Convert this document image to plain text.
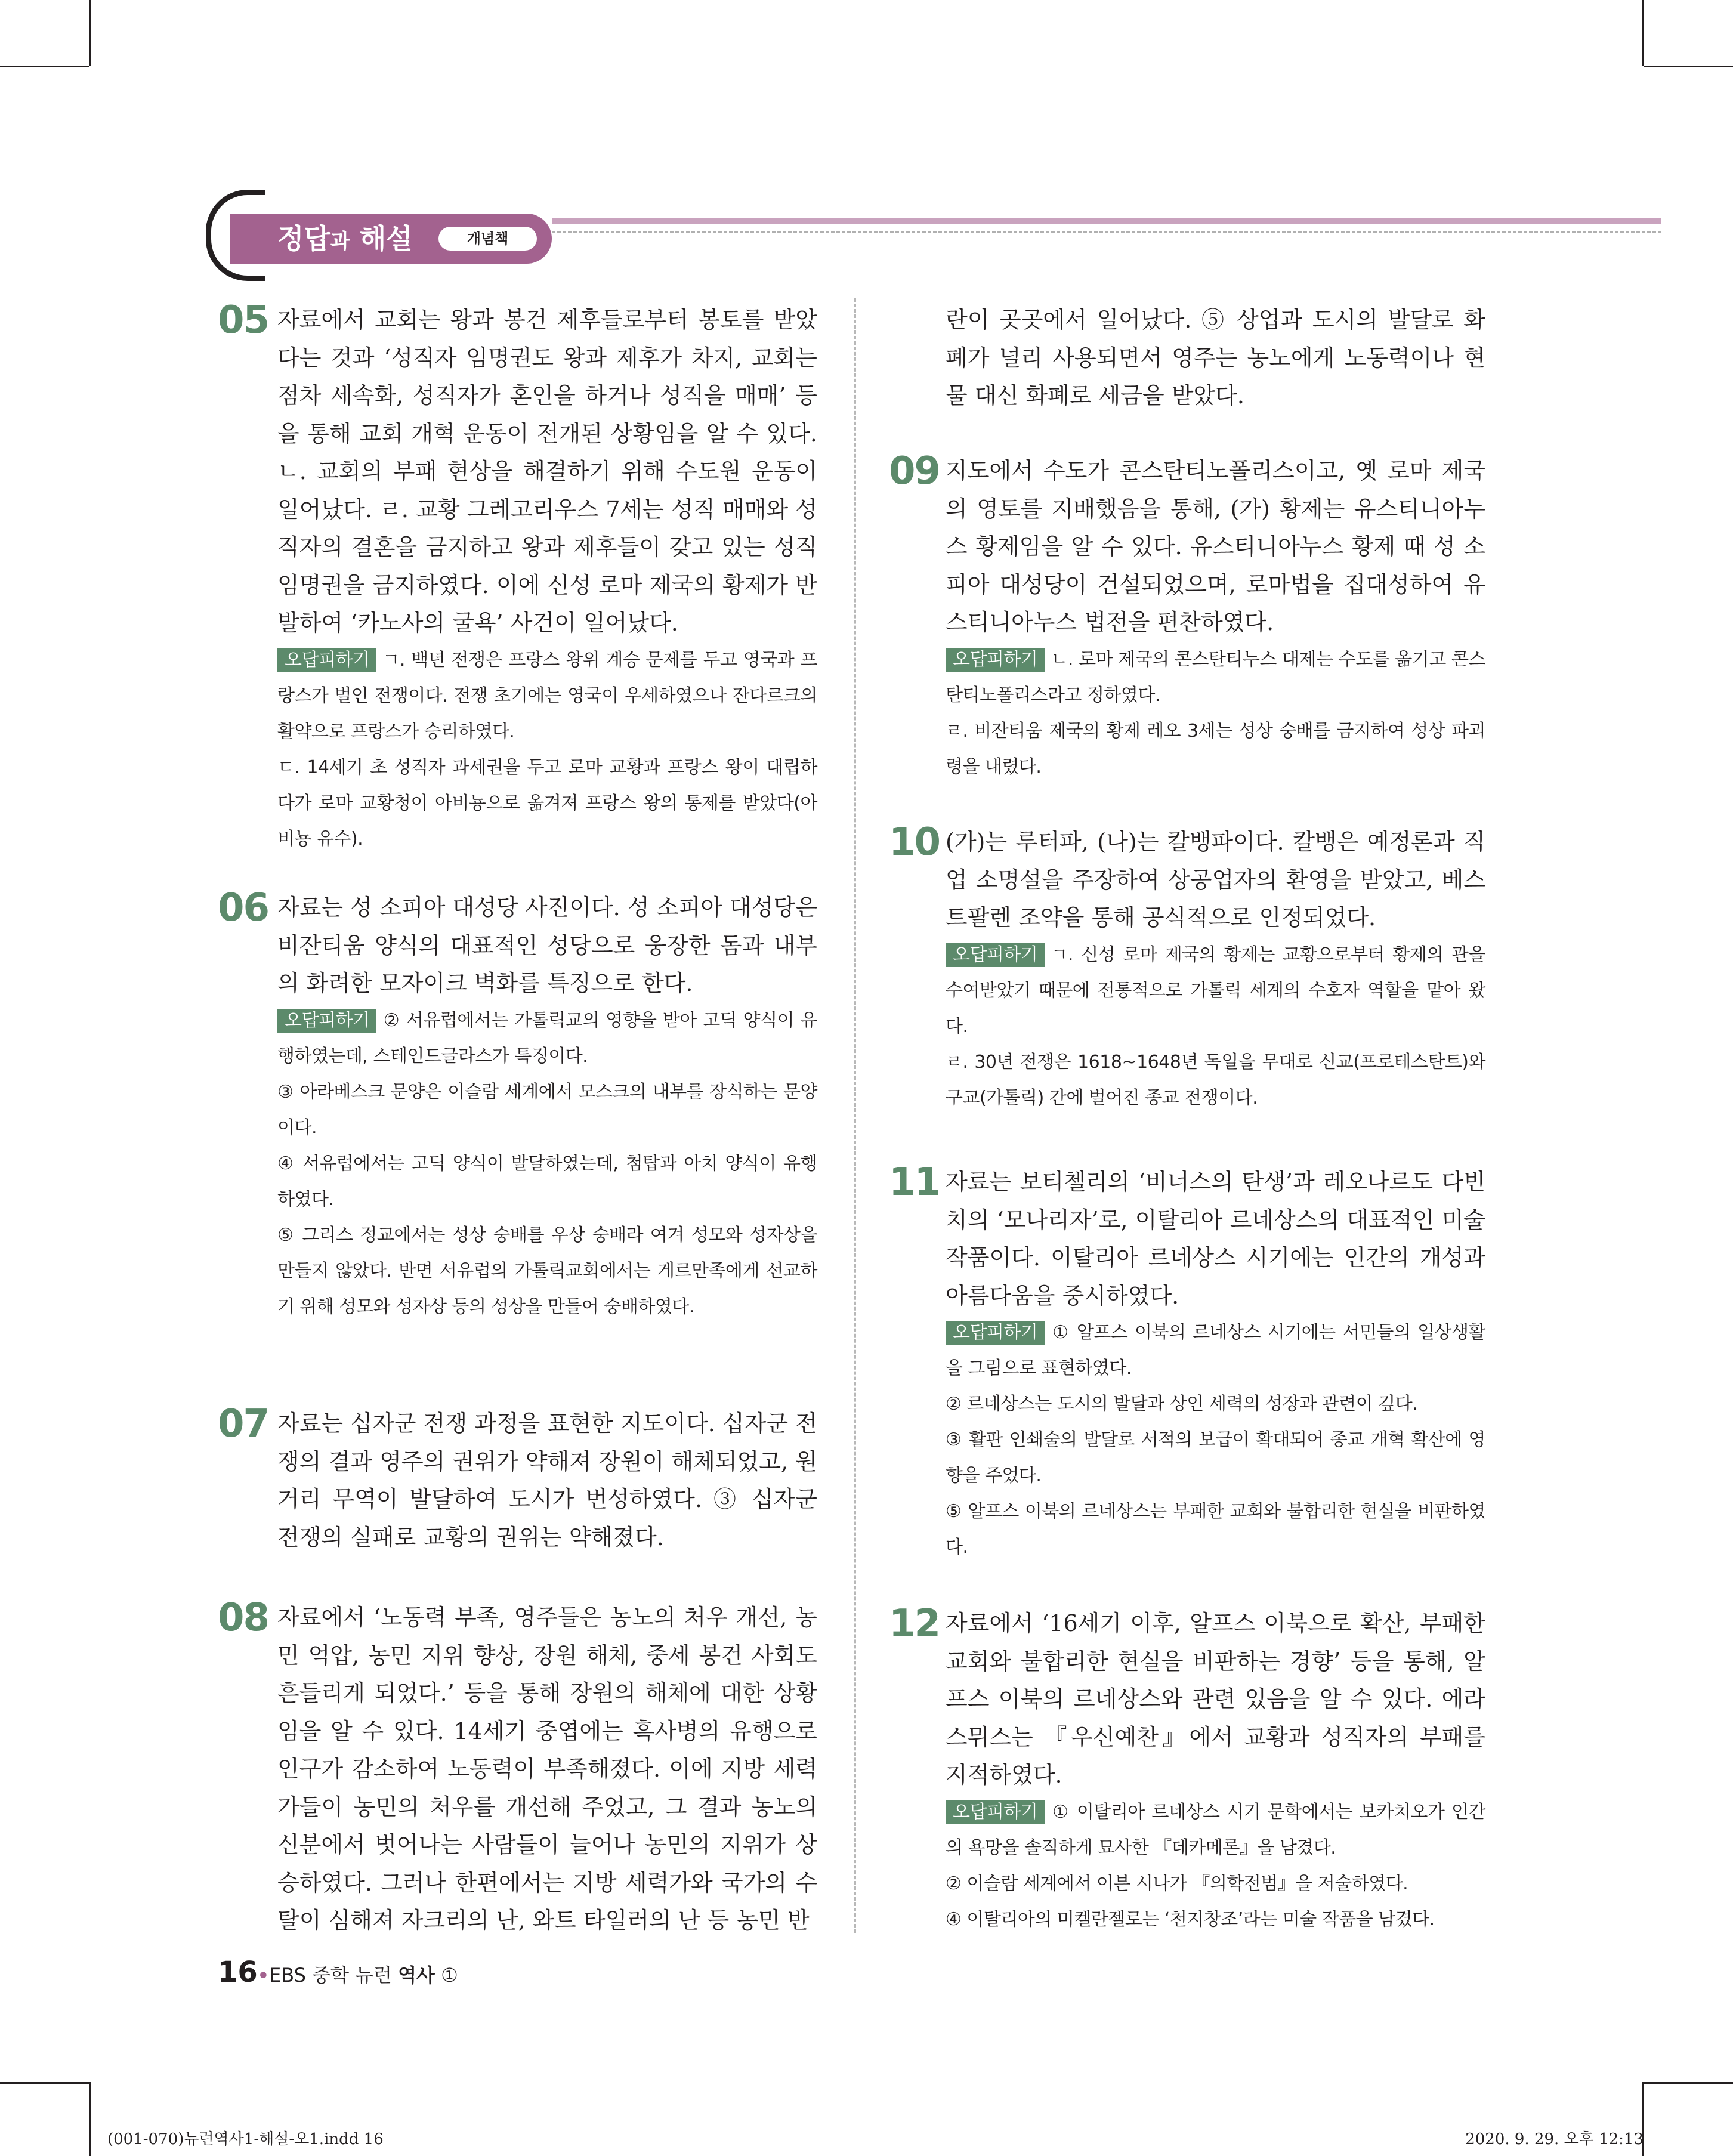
정답과 해설	개념책
05 자료에서 교회는 왕과 봉건 제후들로부터 봉토를 받았다는 것과 ‘성직자 임명권도 왕과 제후가 차지, 교회는 점차 세속화, 성직자가 혼인을 하거나 성직을 매매’ 등을 통해 교회 개혁 운동이 전개된 상황임을 알 수 있다. ㄴ. 교회의 부패 현상을 해결하기 위해 수도원 운동이 일어났다. ㄹ. 교황 그레고리우스 7세는 성직 매매와 성직자의 결혼을 금지하고 왕과 제후들이 갖고 있는 성직 임명권을 금지하였다. 이에 신성 로마 제국의 황제가 반발하여 ‘카노사의 굴욕’ 사건이 일어났다.

오답피하기 ㄱ. 백년 전쟁은 프랑스 왕위 계승 문제를 두고 영국과 프랑스가 벌인 전쟁이다. 전쟁 초기에는 영국이 우세하였으나 잔다르크의 활약으로 프랑스가 승리하였다.

ㄷ. 14세기 초 성직자 과세권을 두고 로마 교황과 프랑스 왕이 대립하다가 로마 교황청이 아비뇽으로 옮겨져 프랑스 왕의 통제를 받았다(아비뇽 유수).

06 자료는 성 소피아 대성당 사진이다. 성 소피아 대성당은 비잔티움 양식의 대표적인 성당으로 웅장한 돔과 내부의 화려한 모자이크 벽화를 특징으로 한다.

오답피하기 ② 서유럽에서는 가톨릭교의 영향을 받아 고딕 양식이 유행하였는데, 스테인드글라스가 특징이다.

③ 아라베스크 문양은 이슬람 세계에서 모스크의 내부를 장식하는 문양이다.

④ 서유럽에서는 고딕 양식이 발달하였는데, 첨탑과 아치 양식이 유행하였다.

⑤ 그리스 정교에서는 성상 숭배를 우상 숭배라 여겨 성모와 성자상을 만들지 않았다. 반면 서유럽의 가톨릭교회에서는 게르만족에게 선교하기 위해 성모와 성자상 등의 성상을 만들어 숭배하였다.

07 자료는 십자군 전쟁 과정을 표현한 지도이다. 십자군 전쟁의 결과 영주의 권위가 약해져 장원이 해체되었고, 원거리 무역이 발달하여 도시가 번성하였다. ③ 십자군 전쟁의 실패로 교황의 권위는 약해졌다.

08 자료에서 ‘노동력 부족, 영주들은 농노의 처우 개선, 농민 억압, 농민 지위 향상, 장원 해체, 중세 봉건 사회도 흔들리게 되었다.’ 등을 통해 장원의 해체에 대한 상황임을 알 수 있다. 14세기 중엽에는 흑사병의 유행으로 인구가 감소하여 노동력이 부족해졌다. 이에 지방 세력가들이 농민의 처우를 개선해 주었고, 그 결과 농노의 신분에서 벗어나는 사람들이 늘어나 농민의 지위가 상승하였다. 그러나 한편에서는 지방 세력가와 국가의 수탈이 심해져 자크리의 난, 와트 타일러의 난 등 농민 반

란이 곳곳에서 일어났다. ⑤ 상업과 도시의 발달로 화폐가 널리 사용되면서 영주는 농노에게 노동력이나 현물 대신 화폐로 세금을 받았다.

09 지도에서 수도가 콘스탄티노폴리스이고, 옛 로마 제국의 영토를 지배했음을 통해, (가) 황제는 유스티니아누스 황제임을 알 수 있다. 유스티니아누스 황제 때 성 소피아 대성당이 건설되었으며, 로마법을 집대성하여 유스티니아누스 법전을 편찬하였다.

오답피하기 ㄴ. 로마 제국의 콘스탄티누스 대제는 수도를 옮기고 콘스탄티노폴리스라고 정하였다.

ㄹ. 비잔티움 제국의 황제 레오 3세는 성상 숭배를 금지하여 성상 파괴령을 내렸다.

10 (가)는 루터파, (나)는 칼뱅파이다. 칼뱅은 예정론과 직업 소명설을 주장하여 상공업자의 환영을 받았고, 베스트팔렌 조약을 통해 공식적으로 인정되었다.

오답피하기 ㄱ. 신성 로마 제국의 황제는 교황으로부터 황제의 관을 수여받았기 때문에 전통적으로 가톨릭 세계의 수호자 역할을 맡아 왔다.

ㄹ. 30년 전쟁은 1618~1648년 독일을 무대로 신교(프로테스탄트)와 구교(가톨릭) 간에 벌어진 종교 전쟁이다.

11 자료는 보티첼리의 ‘비너스의 탄생’과 레오나르도 다빈치의 ‘모나리자’로, 이탈리아 르네상스의 대표적인 미술 작품이다. 이탈리아 르네상스 시기에는 인간의 개성과 아름다움을 중시하였다.

오답피하기 ① 알프스 이북의 르네상스 시기에는 서민들의 일상생활을 그림으로 표현하였다.

② 르네상스는 도시의 발달과 상인 세력의 성장과 관련이 깊다.

③ 활판 인쇄술의 발달로 서적의 보급이 확대되어 종교 개혁 확산에 영향을 주었다.

⑤ 알프스 이북의 르네상스는 부패한 교회와 불합리한 현실을 비판하였다.

12 자료에서 ‘16세기 이후, 알프스 이북으로 확산, 부패한 교회와 불합리한 현실을 비판하는 경향’ 등을 통해, 알프스 이북의 르네상스와 관련 있음을 알 수 있다. 에라스뮈스는 『우신예찬』에서 교황과 성직자의 부패를 지적하였다.

오답피하기 ① 이탈리아 르네상스 시기 문학에서는 보카치오가 인간의 욕망을 솔직하게 묘사한 『데카메론』을 남겼다.

② 이슬람 세계에서 이븐 시나가 『의학전범』을 저술하였다.

④ 이탈리아의 미켈란젤로는 ‘천지창조’라는 미술 작품을 남겼다.

16•EBS 중학 뉴런 역사 ①
(001-070)뉴런역사1-해설-오1.indd 16	2020. 9. 29. 오후 12:13
